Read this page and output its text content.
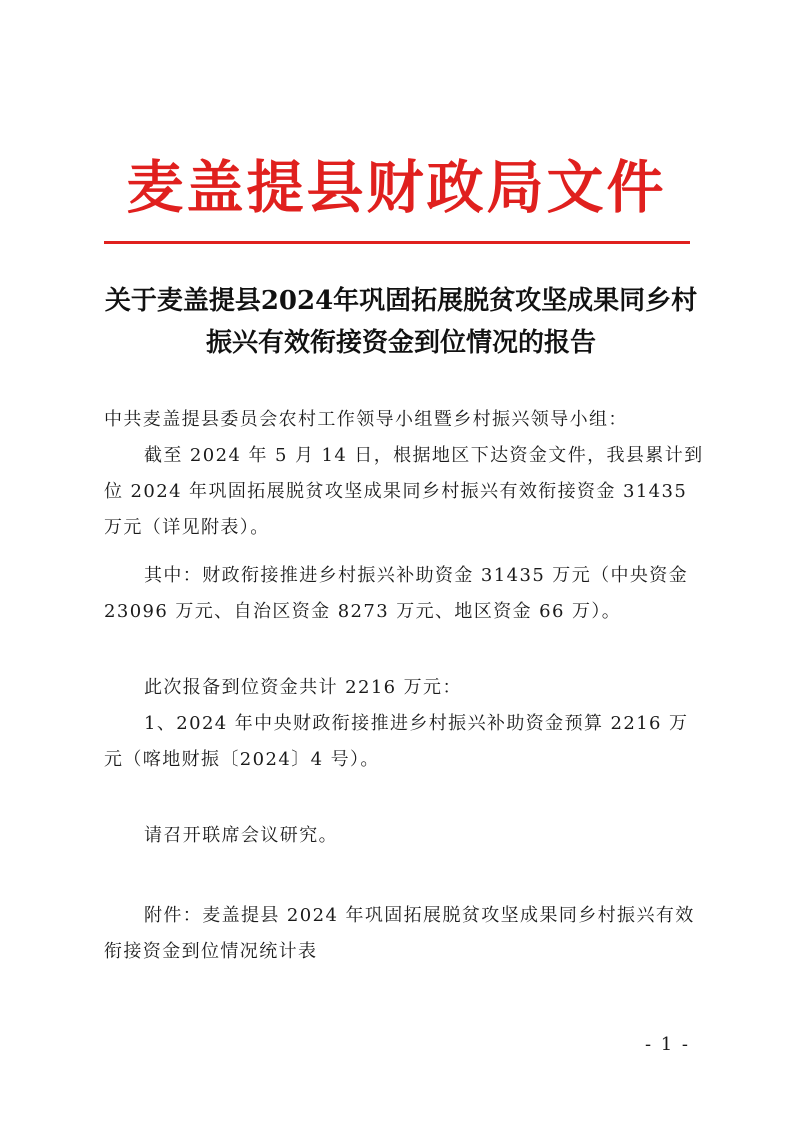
麦盖提县财政局文件
关于麦盖提县2024年巩固拓展脱贫攻坚成果同乡村振兴有效衔接资金到位情况的报告
中共麦盖提县委员会农村工作领导小组暨乡村振兴领导小组：
截至 2024 年 5 月 14 日，根据地区下达资金文件，我县累计到位 2024 年巩固拓展脱贫攻坚成果同乡村振兴有效衔接资金 31435 万元（详见附表）。
其中：财政衔接推进乡村振兴补助资金 31435 万元（中央资金 23096 万元、自治区资金 8273 万元、地区资金 66 万）。
此次报备到位资金共计 2216 万元：
1、2024 年中央财政衔接推进乡村振兴补助资金预算 2216 万元（喀地财振〔2024〕4 号）。
请召开联席会议研究。
附件：麦盖提县 2024 年巩固拓展脱贫攻坚成果同乡村振兴有效衔接资金到位情况统计表
- 1 -
